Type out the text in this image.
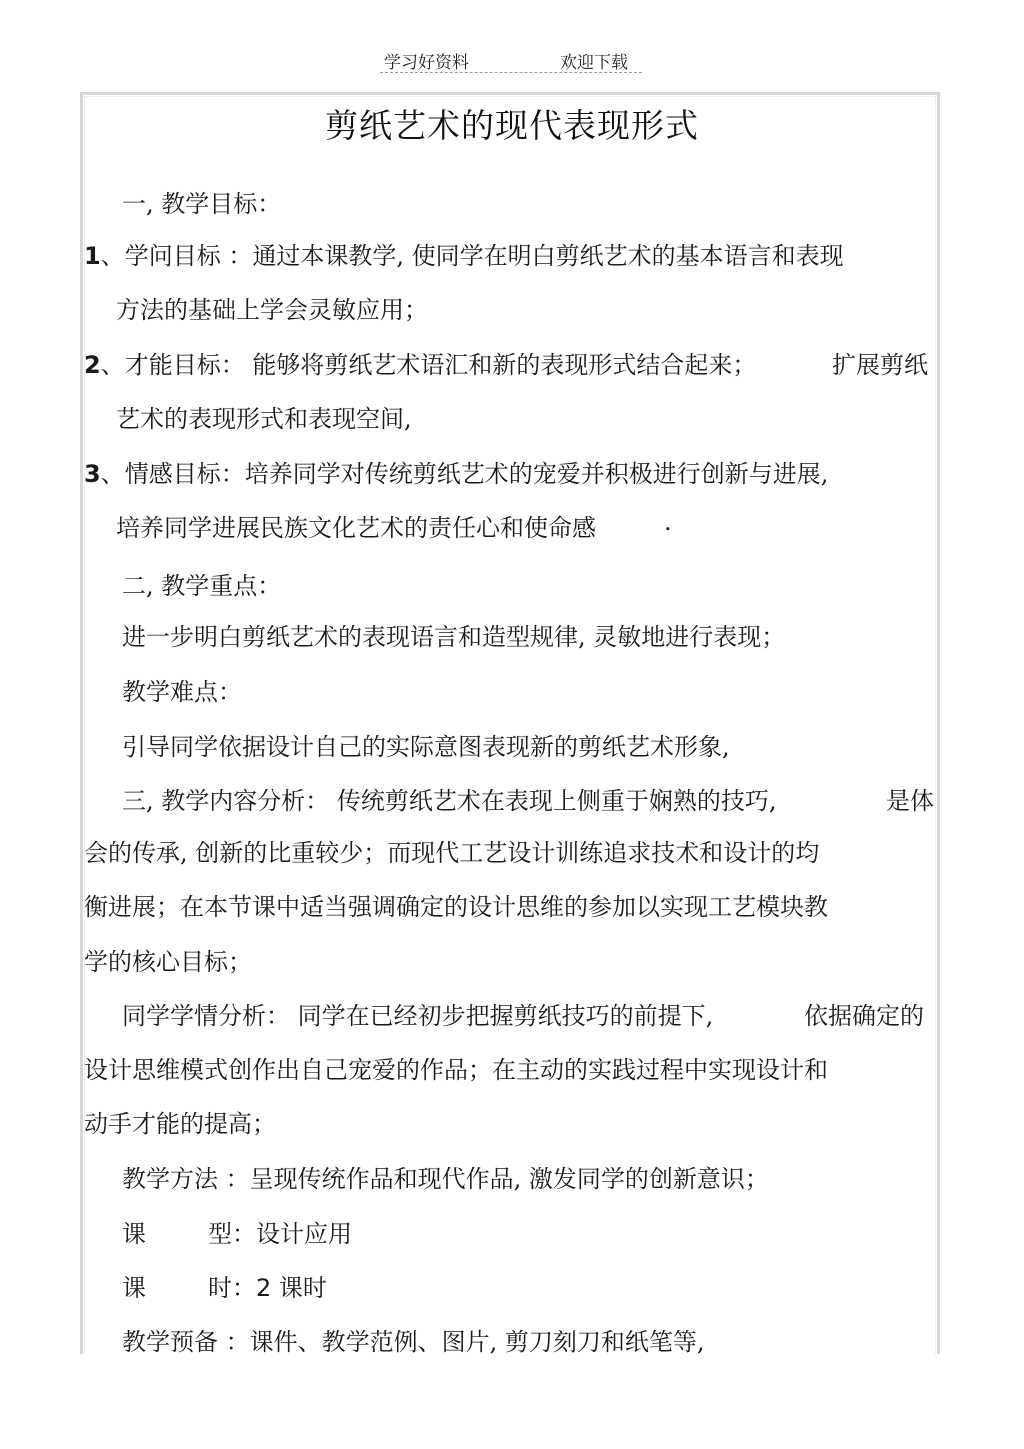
学习好资料	欢迎下载
剪纸艺术的现代表现形式
一, 教学目标：
1、学问目标 ：通过本课教学, 使同学在明白剪纸艺术的基本语言和表现
方法的基础上学会灵敏应用；
2、才能目标： 能够将剪纸艺术语汇和新的表现形式结合起来；	扩展剪纸
艺术的表现形式和表现空间,
3、情感目标：培养同学对传统剪纸艺术的宠爱并积极进行创新与进展,
培养同学进展民族文化艺术的责任心和使命感	.
二, 教学重点：
进一步明白剪纸艺术的表现语言和造型规律, 灵敏地进行表现；
教学难点：
引导同学依据设计自己的实际意图表现新的剪纸艺术形象,
三, 教学内容分析： 传统剪纸艺术在表现上侧重于娴熟的技巧,	是体
会的传承, 创新的比重较少；而现代工艺设计训练追求技术和设计的均
衡进展；在本节课中适当强调确定的设计思维的参加以实现工艺模块教
学的核心目标；
同学学情分析： 同学在已经初步把握剪纸技巧的前提下,	依据确定的
设计思维模式创作出自己宠爱的作品；在主动的实践过程中实现设计和
动手才能的提高；
教学方法 ：呈现传统作品和现代作品, 激发同学的创新意识；
课	型：设计应用
课	时：2 课时
教学预备 ：课件、教学范例、图片, 剪刀刻刀和纸笔等,
